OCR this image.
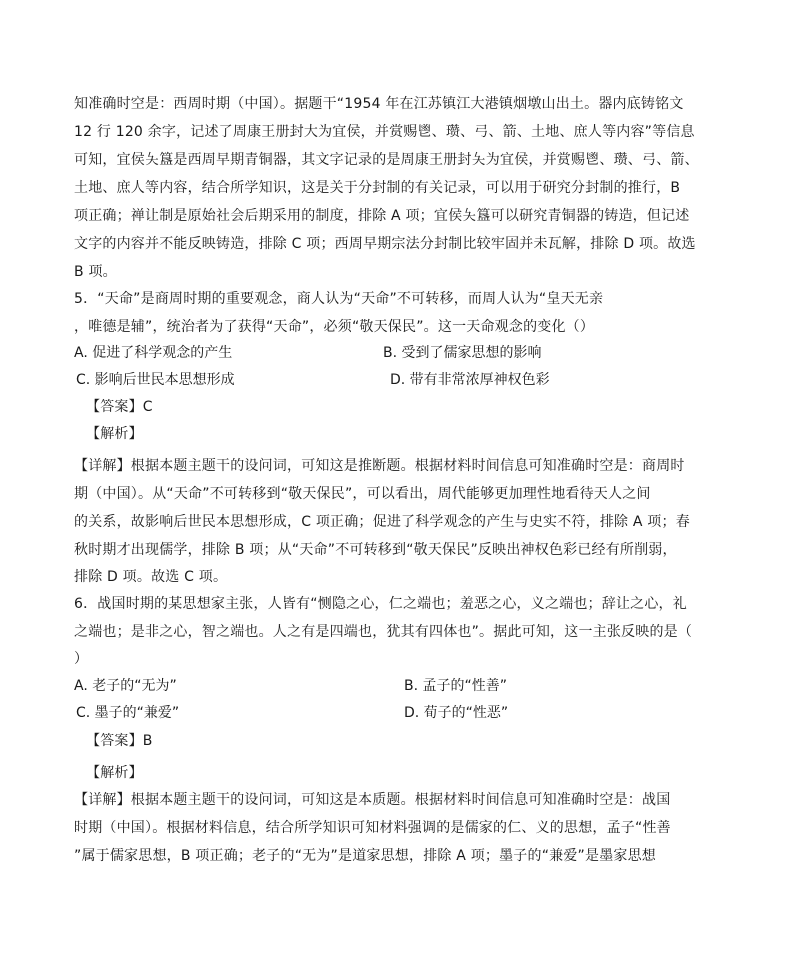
知准确时空是：西周时期（中国）。据题干“1954 年在江苏镇江大港镇烟墩山出土。器内底铸铭文
12 行 120 余字，记述了周康王册封大为宜侯，并赏赐鬯、瓒、弓、箭、土地、庶人等内容”等信息
可知，宜侯夨簋是西周早期青铜器，其文字记录的是周康王册封夨为宜侯，并赏赐鬯、瓒、弓、箭、
土地、庶人等内容，结合所学知识，这是关于分封制的有关记录，可以用于研究分封制的推行，B
项正确；禅让制是原始社会后期采用的制度，排除 A 项；宜侯夨簋可以研究青铜器的铸造，但记述
文字的内容并不能反映铸造，排除 C 项；西周早期宗法分封制比较牢固并未瓦解，排除 D 项。故选
B 项。
5．“天命”是商周时期的重要观念，商人认为“天命”不可转移，而周人认为“皇天无亲
，唯德是辅”，统治者为了获得“天命”，必须“敬天保民”。这一天命观念的变化（）
A. 促进了科学观念的产生	B. 受到了儒家思想的影响
C. 影响后世民本思想形成	D. 带有非常浓厚神权色彩
【答案】C
【解析】
【详解】根据本题主题干的设问词，可知这是推断题。根据材料时间信息可知准确时空是：商周时
期（中国）。从“天命”不可转移到“敬天保民”，可以看出，周代能够更加理性地看待天人之间
的关系，故影响后世民本思想形成，C 项正确；促进了科学观念的产生与史实不符，排除 A 项；春
秋时期才出现儒学，排除 B 项；从“天命”不可转移到“敬天保民”反映出神权色彩已经有所削弱，
排除 D 项。故选 C 项。
6．战国时期的某思想家主张，人皆有“恻隐之心，仁之端也；羞恶之心，义之端也；辞让之心，礼
之端也；是非之心，智之端也。人之有是四端也，犹其有四体也”。据此可知，这一主张反映的是（
）
A. 老子的“无为”	B. 孟子的“性善”
C. 墨子的“兼爱”	D. 荀子的“性恶”
【答案】B
【解析】
【详解】根据本题主题干的设问词，可知这是本质题。根据材料时间信息可知准确时空是：战国
时期（中国）。根据材料信息，结合所学知识可知材料强调的是儒家的仁、义的思想，孟子“性善
”属于儒家思想，B 项正确；老子的“无为”是道家思想，排除 A 项；墨子的“兼爱”是墨家思想
